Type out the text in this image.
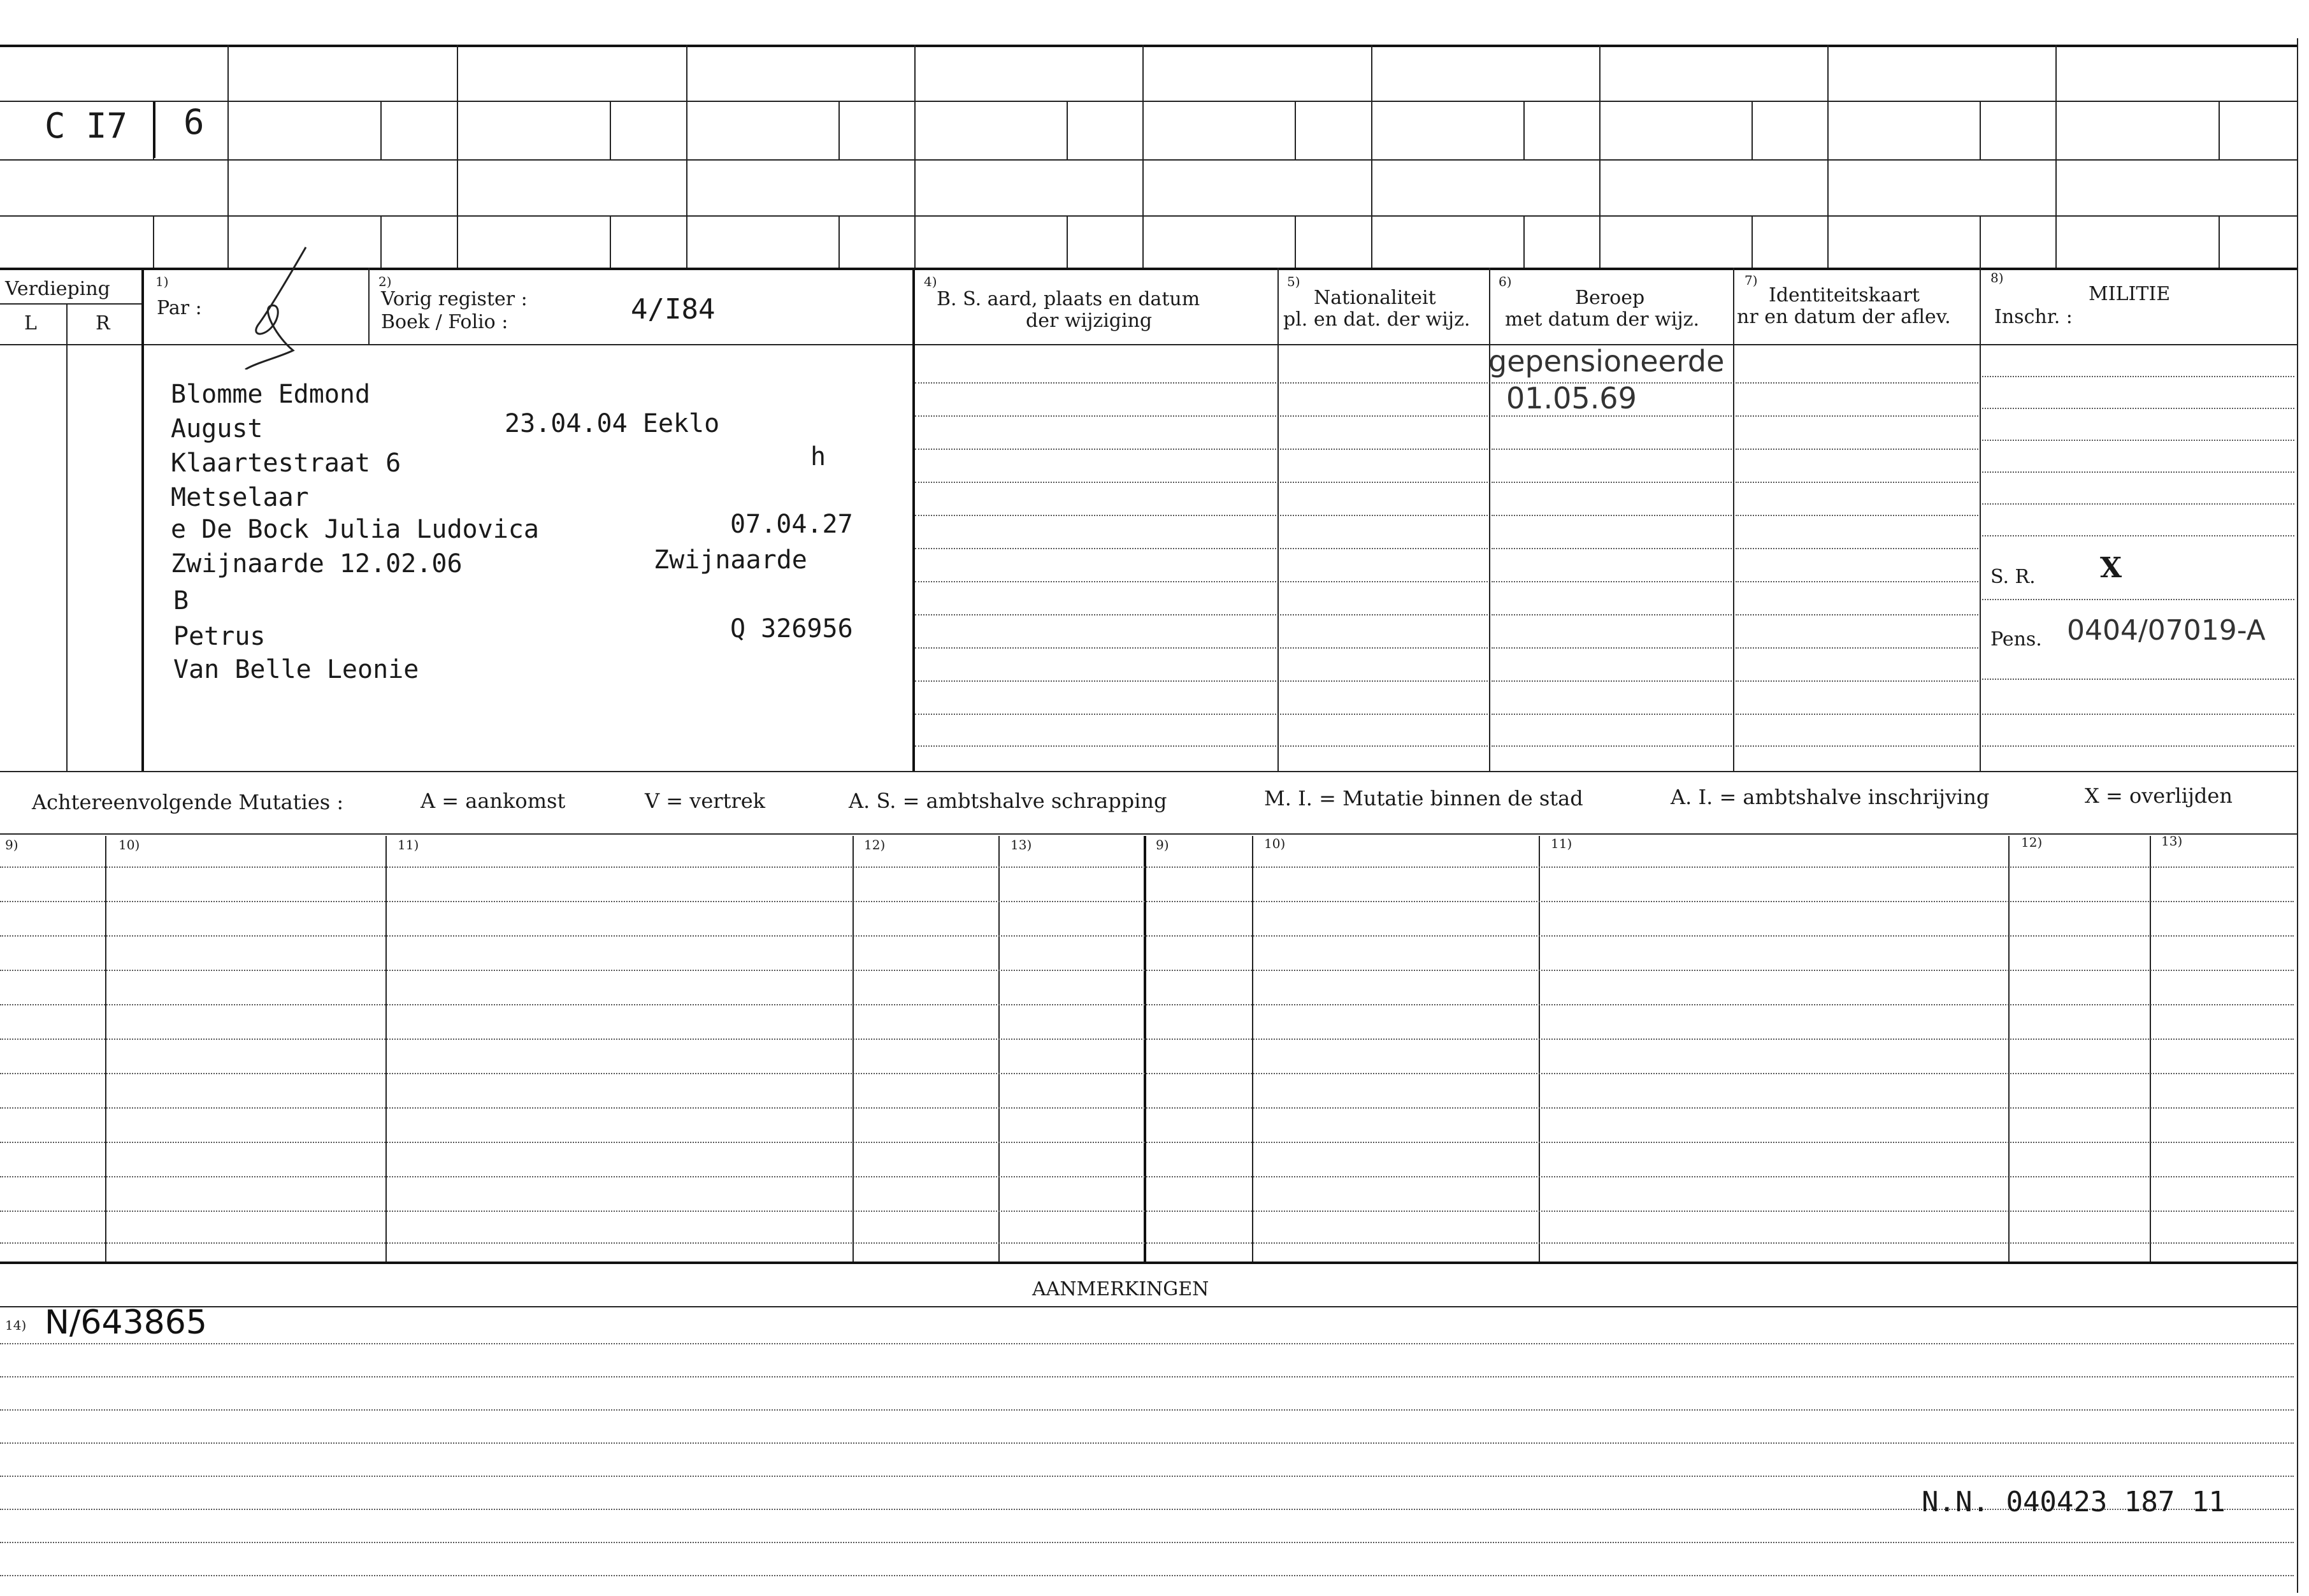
C I7 6
Verdieping
L	R
1)
Par :
2)
Vorig register :
Boek / Folio :	4/I84
4)
B. S. aard, plaats en datum
der wijziging
5)
Nationaliteit
pl. en dat. der wijz.
6)
Beroep
met datum der wijz.
7)
Identiteitskaart
nr en datum der aflev.
8)
MILITIE
Inschr. :
Blomme Edmond
August	23.04.04 Eeklo
Klaartestraat 6	h
Metselaar
e De Bock Julia Ludovica	07.04.27
Zwijnaarde 12.02.06	Zwijnaarde
B
Petrus	Q 326956
Van Belle Leonie
gepensioneerde
01.05.69
S. R. X
Pens. 0404/07019-A
Achtereenvolgende Mutaties :	A = aankomst	V = vertrek	A. S. = ambtshalve schrapping	M. I. = Mutatie binnen de stad	A. I. = ambtshalve inschrijving	X = overlijden
9)	10)	11)	12)	13)	9)	10)	11)	12)	13)
AANMERKINGEN
14) N/643865
N.N. 040423 187 11
